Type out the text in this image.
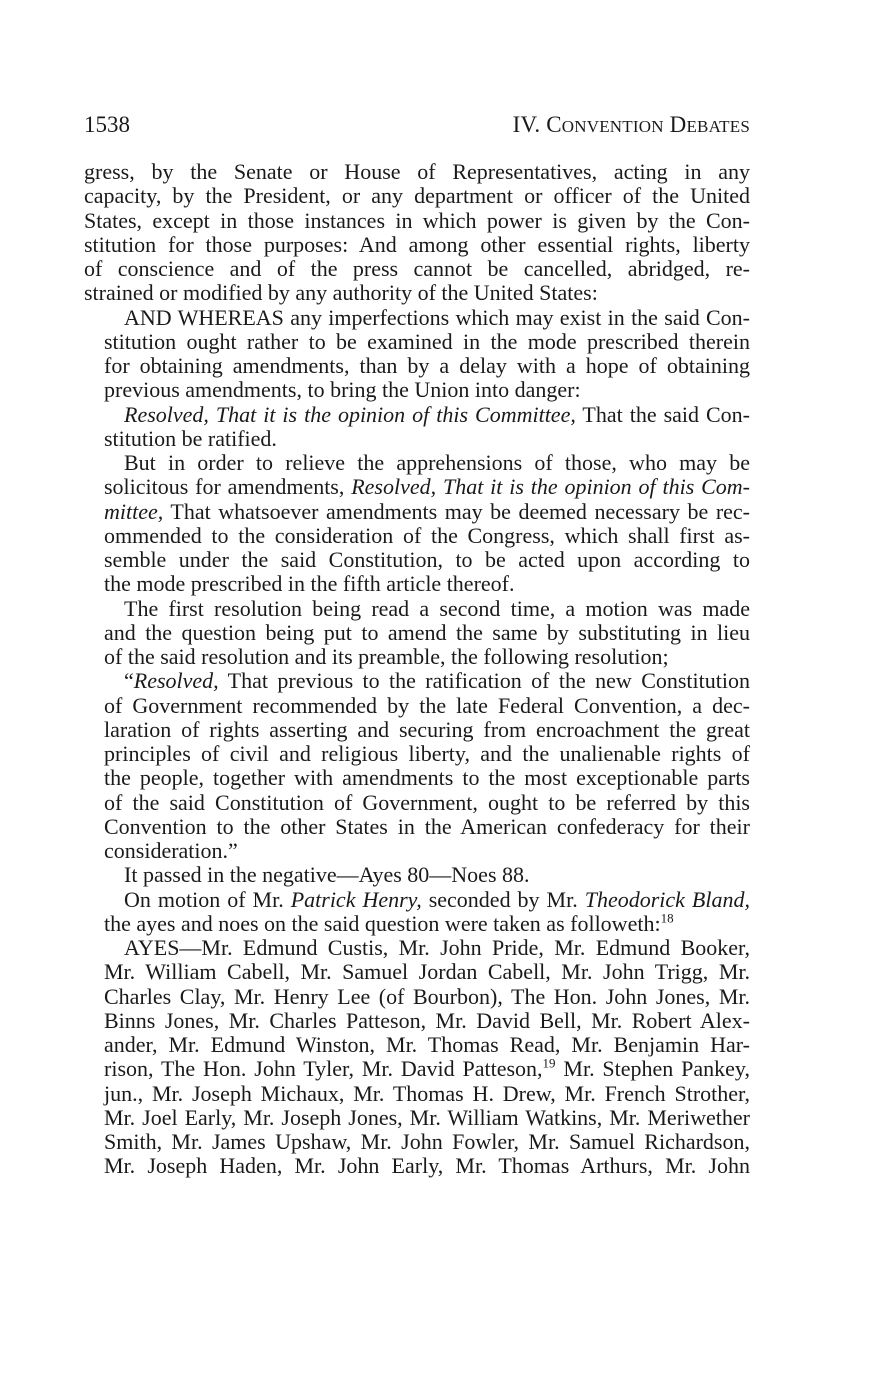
1538	IV. CONVENTION DEBATES

gress, by the Senate or House of Representatives, acting in any
capacity, by the President, or any department or officer of the United
States, except in those instances in which power is given by the Con-
stitution for those purposes: And among other essential rights, liberty
of conscience and of the press cannot be cancelled, abridged, re-
strained or modified by any authority of the United States:

AND WHEREAS any imperfections which may exist in the said Con-
stitution ought rather to be examined in the mode prescribed therein
for obtaining amendments, than by a delay with a hope of obtaining
previous amendments, to bring the Union into danger:

Resolved, That it is the opinion of this Committee, That the said Con-
stitution be ratified.

But in order to relieve the apprehensions of those, who may be
solicitous for amendments, Resolved, That it is the opinion of this Com-
mittee, That whatsoever amendments may be deemed necessary be rec-
ommended to the consideration of the Congress, which shall first as-
semble under the said Constitution, to be acted upon according to
the mode prescribed in the fifth article thereof.

The first resolution being read a second time, a motion was made
and the question being put to amend the same by substituting in lieu
of the said resolution and its preamble, the following resolution;

“Resolved, That previous to the ratification of the new Constitution
of Government recommended by the late Federal Convention, a dec-
laration of rights asserting and securing from encroachment the great
principles of civil and religious liberty, and the unalienable rights of
the people, together with amendments to the most exceptionable parts
of the said Constitution of Government, ought to be referred by this
Convention to the other States in the American confederacy for their
consideration.”

It passed in the negative—Ayes 80—Noes 88.

On motion of Mr. Patrick Henry, seconded by Mr. Theodorick Bland,
the ayes and noes on the said question were taken as followeth:$^{18}$

AYES—Mr. Edmund Custis, Mr. John Pride, Mr. Edmund Booker,
Mr. William Cabell, Mr. Samuel Jordan Cabell, Mr. John Trigg, Mr.
Charles Clay, Mr. Henry Lee (of Bourbon), The Hon. John Jones, Mr.
Binns Jones, Mr. Charles Patteson, Mr. David Bell, Mr. Robert Alex-
ander, Mr. Edmund Winston, Mr. Thomas Read, Mr. Benjamin Har-
rison, The Hon. John Tyler, Mr. David Patteson,$^{19}$ Mr. Stephen Pankey,
jun., Mr. Joseph Michaux, Mr. Thomas H. Drew, Mr. French Strother,
Mr. Joel Early, Mr. Joseph Jones, Mr. William Watkins, Mr. Meriwether
Smith, Mr. James Upshaw, Mr. John Fowler, Mr. Samuel Richardson,
Mr. Joseph Haden, Mr. John Early, Mr. Thomas Arthurs, Mr. John
